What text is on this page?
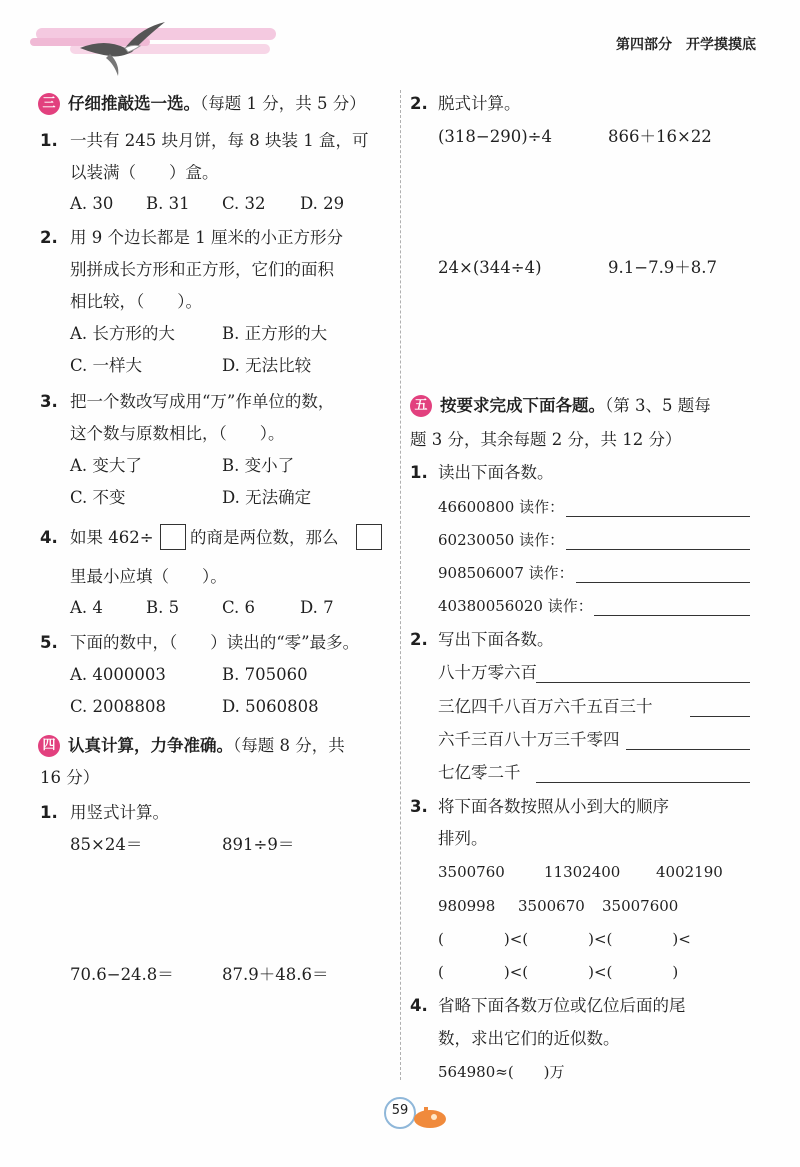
第四部分　开学摸摸底
三 仔细推敲选一选。（每题 1 分，共 5 分）
1. 一共有 245 块月饼，每 8 块装 1 盒，可
以装满（　　）盒。
A. 30 B. 31 C. 32 D. 29
2. 用 9 个边长都是 1 厘米的小正方形分
别拼成长方形和正方形，它们的面积
相比较，（　　）。
A. 长方形的大	B. 正方形的大
C. 一样大	D. 无法比较
3. 把一个数改写成用“万”作单位的数，
这个数与原数相比，（　　）。
A. 变大了	B. 变小了
C. 不变	D. 无法确定
4. 如果 462÷ 的商是两位数，那么
里最小应填（　　）。
A. 4	B. 5	C. 6	D. 7
5. 下面的数中，（　　）读出的“零”最多。
A. 4000003	B. 705060
C. 2008808	D. 5060808
四 认真计算，力争准确。（每题 8 分，共
16 分）
1. 用竖式计算。
85×24＝	891÷9＝
70.6−24.8＝	87.9＋48.6＝
2. 脱式计算。
(318−290)÷4	866＋16×22
24×(344÷4)	9.1−7.9＋8.7
五 按要求完成下面各题。（第 3、5 题每
题 3 分，其余每题 2 分，共 12 分）
1. 读出下面各数。
46600800 读作：
60230050 读作：
908506007 读作：
40380056020 读作：
2. 写出下面各数。
八十万零六百
三亿四千八百万六千五百三十
六千三百八十万三千零四
七亿零二千
3. 将下面各数按照从小到大的顺序
排列。
3500760	11302400 4002190
980998 3500670 35007600
(　　　　)<(　　　　)<(　　　　)<
(　　　　)<(　　　　)<(　　　　)
4. 省略下面各数万位或亿位后面的尾
数，求出它们的近似数。
564980≈(　　)万
59
